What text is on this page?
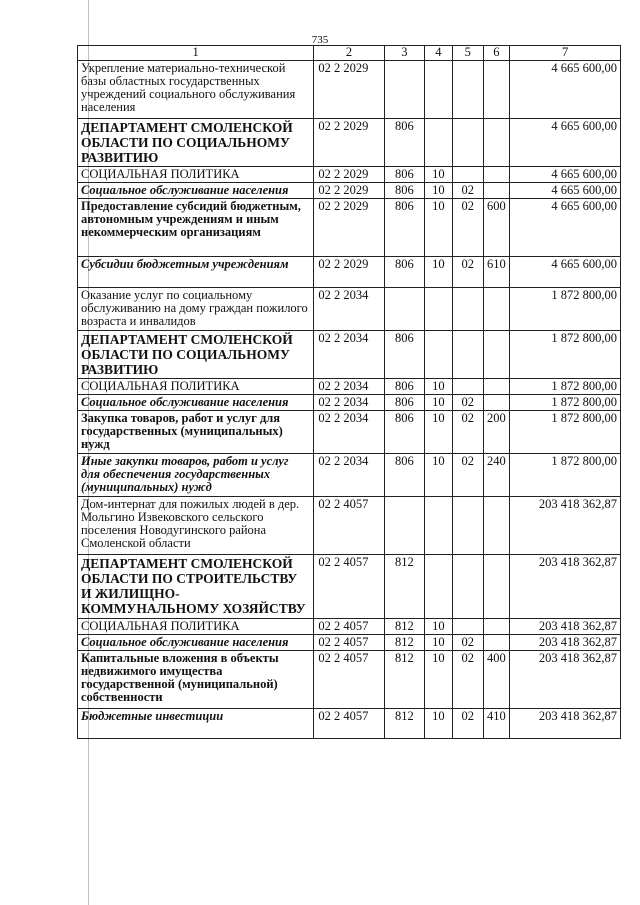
735
1	2	3	4	5	6	7
Укрепление материально-технической базы областных государственных учреждений социального обслуживания населения	02 2 2029					4 665 600,00
ДЕПАРТАМЕНТ СМОЛЕНСКОЙ ОБЛАСТИ ПО СОЦИАЛЬНОМУ РАЗВИТИЮ	02 2 2029	806				4 665 600,00
СОЦИАЛЬНАЯ ПОЛИТИКА	02 2 2029	806	10			4 665 600,00
Социальное обслуживание населения	02 2 2029	806	10	02		4 665 600,00
Предоставление субсидий бюджетным, автономным учреждениям и иным некоммерческим организациям	02 2 2029	806	10	02	600	4 665 600,00
Субсидии бюджетным учреждениям	02 2 2029	806	10	02	610	4 665 600,00
Оказание услуг по социальному обслуживанию на дому граждан пожилого возраста и инвалидов	02 2 2034					1 872 800,00
ДЕПАРТАМЕНТ СМОЛЕНСКОЙ ОБЛАСТИ ПО СОЦИАЛЬНОМУ РАЗВИТИЮ	02 2 2034	806				1 872 800,00
СОЦИАЛЬНАЯ ПОЛИТИКА	02 2 2034	806	10			1 872 800,00
Социальное обслуживание населения	02 2 2034	806	10	02		1 872 800,00
Закупка товаров, работ и услуг для государственных (муниципальных) нужд	02 2 2034	806	10	02	200	1 872 800,00
Иные закупки товаров, работ и услуг для обеспечения государственных (муниципальных) нужд	02 2 2034	806	10	02	240	1 872 800,00
Дом-интернат для пожилых людей в дер. Мольгино Извековского сельского поселения Новодугинского района Смоленской области	02 2 4057					203 418 362,87
ДЕПАРТАМЕНТ СМОЛЕНСКОЙ ОБЛАСТИ ПО СТРОИТЕЛЬСТВУ И ЖИЛИЩНО-КОММУНАЛЬНОМУ ХОЗЯЙСТВУ	02 2 4057	812				203 418 362,87
СОЦИАЛЬНАЯ ПОЛИТИКА	02 2 4057	812	10			203 418 362,87
Социальное обслуживание населения	02 2 4057	812	10	02		203 418 362,87
Капитальные вложения в объекты недвижимого имущества государственной (муниципальной) собственности	02 2 4057	812	10	02	400	203 418 362,87
Бюджетные инвестиции	02 2 4057	812	10	02	410	203 418 362,87
